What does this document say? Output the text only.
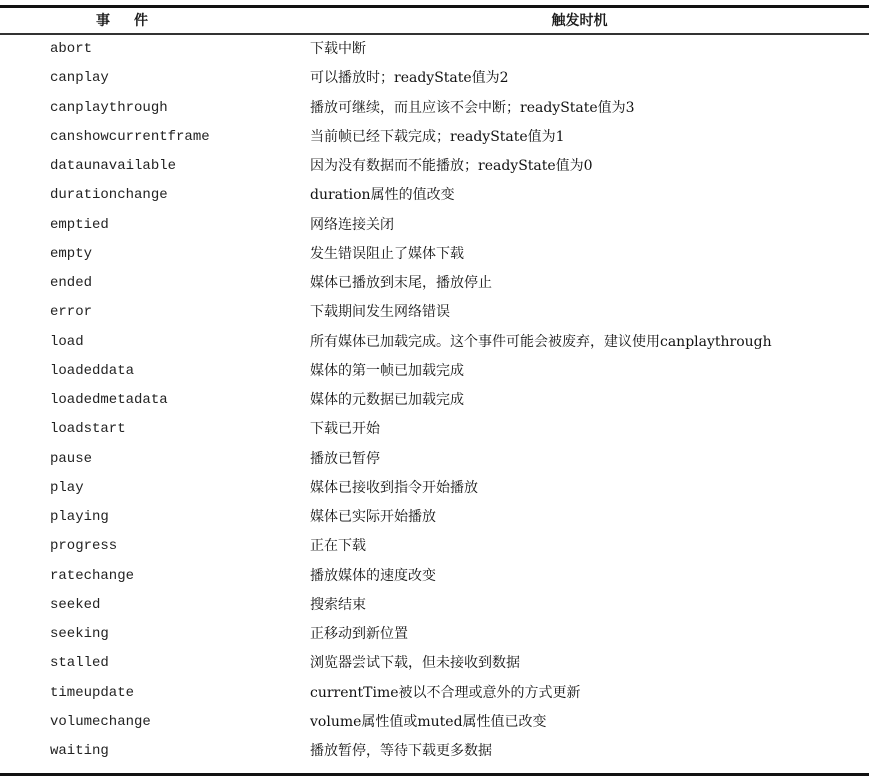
事件	触发时机
abort	下载中断
canplay	可以播放时；readyState值为2
canplaythrough	播放可继续，而且应该不会中断；readyState值为3
canshowcurrentframe	当前帧已经下载完成；readyState值为1
dataunavailable	因为没有数据而不能播放；readyState值为0
durationchange	duration属性的值改变
emptied	网络连接关闭
empty	发生错误阻止了媒体下载
ended	媒体已播放到末尾，播放停止
error	下载期间发生网络错误
load	所有媒体已加载完成。这个事件可能会被废弃，建议使用canplaythrough
loadeddata	媒体的第一帧已加载完成
loadedmetadata	媒体的元数据已加载完成
loadstart	下载已开始
pause	播放已暂停
play	媒体已接收到指令开始播放
playing	媒体已实际开始播放
progress	正在下载
ratechange	播放媒体的速度改变
seeked	搜索结束
seeking	正移动到新位置
stalled	浏览器尝试下载，但未接收到数据
timeupdate	currentTime被以不合理或意外的方式更新
volumechange	volume属性值或muted属性值已改变
waiting	播放暂停，等待下载更多数据
